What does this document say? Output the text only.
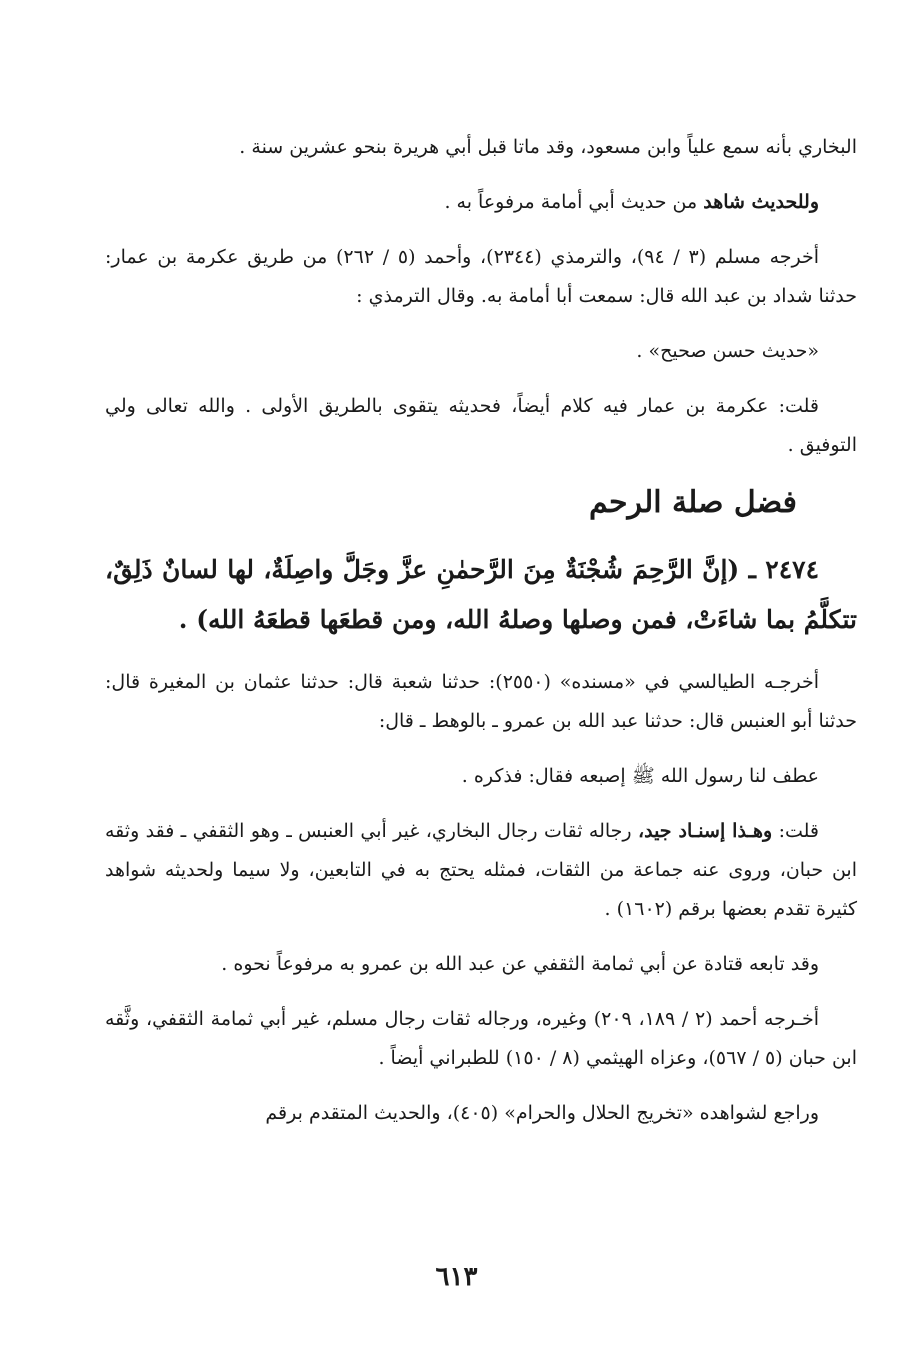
البخاري بأنه سمع علياً وابن مسعود، وقد ماتا قبل أبي هريرة بنحو عشرين سنة .

وللحديث شاهد من حديث أبي أمامة مرفوعاً به .

أخرجه مسلم (٣ / ٩٤)، والترمذي (٢٣٤٤)، وأحمد (٥ / ٢٦٢) من طريق عكرمة بن عمار: حدثنا شداد بن عبد الله قال: سمعت أبا أمامة به. وقال الترمذي :

«حديث حسن صحيح» .

قلت: عكرمة بن عمار فيه كلام أيضاً، فحديثه يتقوى بالطريق الأولى . والله تعالى ولي التوفيق .

فضل صلة الرحم

٢٤٧٤ ـ (إنَّ الرَّحِمَ شُجْنَةٌ مِنَ الرَّحمٰنِ عزَّ وجَلَّ واصِلَةٌ، لها لسانٌ ذَلِقٌ، تتكلَّمُ بما شاءَتْ، فمن وصلها وصلهُ الله، ومن قطعَها قطعَهُ الله) .

أخرجـه الطيالسي في «مسنده» (٢٥٥٠): حدثنا شعبة قال: حدثنا عثمان بن المغيرة قال: حدثنا أبو العنبس قال: حدثنا عبد الله بن عمرو ـ بالوهط ـ قال:

عطف لنا رسول الله ﷺ إصبعه فقال: فذكره .

قلت: وهـذا إسنـاد جيد، رجاله ثقات رجال البخاري، غير أبي العنبس ـ وهو الثقفي ـ فقد وثقه ابن حبان، وروى عنه جماعة من الثقات، فمثله يحتج به في التابعين، ولا سيما ولحديثه شواهد كثيرة تقدم بعضها برقم (١٦٠٢) .

وقد تابعه قتادة عن أبي ثمامة الثقفي عن عبد الله بن عمرو به مرفوعاً نحوه .

أخـرجه أحمد (٢ / ١٨٩، ٢٠٩) وغيره، ورجاله ثقات رجال مسلم، غير أبي ثمامة الثقفي، وثَّقه ابن حبان (٥ / ٥٦٧)، وعزاه الهيثمي (٨ / ١٥٠) للطبراني أيضاً .

وراجع لشواهده «تخريج الحلال والحرام» (٤٠٥)، والحديث المتقدم برقم

٦١٣
